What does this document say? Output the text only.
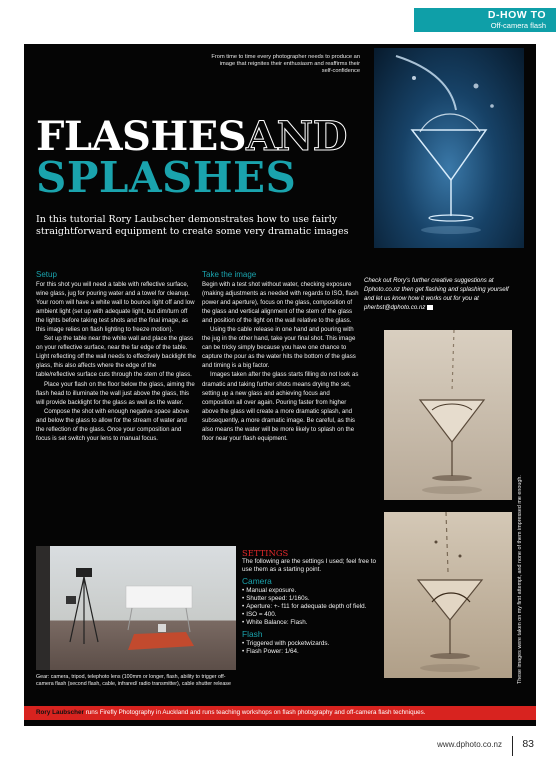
D-HOW TO
Off-camera flash
From time to time every photographer needs to produce an image that reignites their enthusiasm and reaffirms their self-confidence
FLASHESAND
SPLASHES
In this tutorial Rory Laubscher demonstrates how to use fairly straightforward equipment to create some very dramatic images
Setup

For this shot you will need a table with reflective surface, wine glass, jug for pouring water and a towel for cleanup. Your room will have a white wall to bounce light off and low ambient light (set up with adequate light, but dim/turn off the lights before taking test shots and the final image, as this image relies on flash lighting to freeze motion).

Set up the table near the white wall and place the glass on your reflective surface, near the far edge of the table. Light reflecting off the wall needs to effectively backlight the glass, this also affects where the edge of the table/reflective surface cuts through the stem of the glass.

Place your flash on the floor below the glass, aiming the flash head to illuminate the wall just above the glass, this will provide backlight for the glass as well as the water.

Compose the shot with enough negative space above and below the glass to allow for the stream of water and the reflection of the glass. Once your composition and focus is set switch your lens to manual focus.

Take the image

Begin with a test shot without water, checking exposure (making adjustments as needed with regards to ISO, flash power and aperture), focus on the glass, composition of the glass and vertical alignment of the stem of the glass and position of the light on the wall relative to the glass.

Using the cable release in one hand and pouring with the jug in the other hand, take your final shot. This image can be tricky simply because you have one chance to capture the pour as the water hits the bottom of the glass and timing is a big factor.

Images taken after the glass starts filling do not look as dramatic and taking further shots means drying the set, setting up a new glass and achieving focus and composition all over again. Pouring faster from higher above the glass will create a more dramatic splash, and subsequently, a more dramatic image. Be careful, as this also means the water will be more likely to splash on the floor near your flash equipment.

Check out Rory's further creative suggestions at Dphoto.co.nz then get flashing and splashing yourself and let us know how it works out for you at pherbst@dphoto.co.nz
These images were taken on my first attempt, and none of them impressed me enough.
Gear: camera, tripod, telephoto lens (100mm or longer, flash, ability to trigger off-camera flash (second flash, cable, infrared/ radio transmitter), cable shutter release
SETTINGS
The following are the settings I used; feel free to use them as a starting point.
Camera
• Manual exposure.
• Shutter speed: 1/160s.
• Aperture: +- f11 for adequate depth of field.
• ISO = 400.
• White Balance: Flash.
Flash
• Triggered with pocketwizards.
• Flash Power: 1/64.
Rory Laubscher runs Firefly Photography in Auckland and runs teaching workshops on flash photography and off-camera flash techniques.
www.dphoto.co.nz 83
